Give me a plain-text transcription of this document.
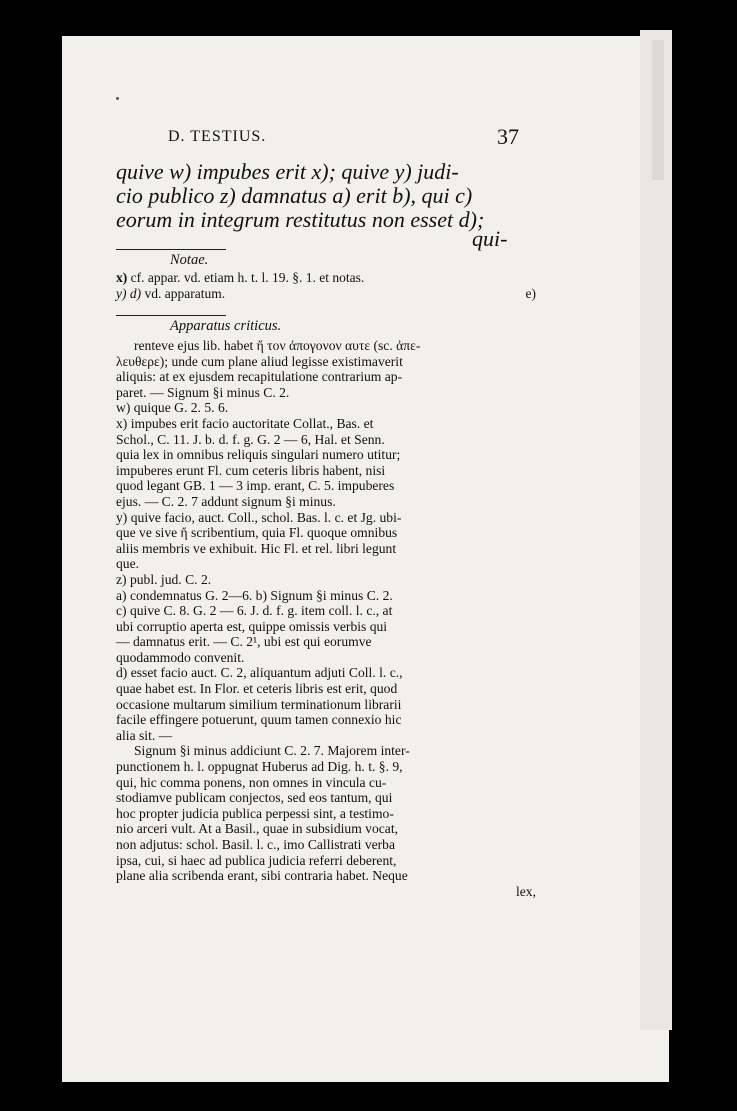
D. TESTIUS.	37
quive w) impubes erit x); quive y) judi-
cio publico z) damnatus a) erit b), qui c)
eorum in integrum restitutus non esset d);
qui-
Notae.
x) cf. appar. vd. etiam h. t. l. 19. §. 1. et notas.
y) d) vd. apparatum.	e)
Apparatus criticus.

renteve ejus lib. habet ἤ τον ἀπογονον αυτε (sc. ἀπε-

λευθερε); unde cum plane aliud legisse existimaverit

aliquis: at ex ejusdem recapitulatione contrarium ap-

paret. — Signum §i minus C. 2.

w) quique G. 2. 5. 6.

x) impubes erit facio auctoritate Collat., Bas. et

Schol., C. 11. J. b. d. f. g. G. 2 — 6, Hal. et Senn.

quia lex in omnibus reliquis singulari numero utitur;

impuberes erunt Fl. cum ceteris libris habent, nisi

quod legant GB. 1 — 3 imp. erant, C. 5. impuberes

ejus. — C. 2. 7 addunt signum §i minus.

y) quive facio, auct. Coll., schol. Bas. l. c. et Jg. ubi-

que ve sive ἤ scribentium, quia Fl. quoque omnibus

aliis membris ve exhibuit. Hic Fl. et rel. libri legunt

que.

z) publ. jud. C. 2.

a) condemnatus G. 2—6. b) Signum §i minus C. 2.

c) quive C. 8. G. 2 — 6. J. d. f. g. item coll. l. c., at

ubi corruptio aperta est, quippe omissis verbis qui

— damnatus erit. — C. 2¹, ubi est qui eorumve

quodammodo convenit.

d) esset facio auct. C. 2, aliquantum adjuti Coll. l. c.,

quae habet est. In Flor. et ceteris libris est erit, quod

occasione multarum similium terminationum librarii

facile effingere potuerunt, quum tamen connexio hic

alia sit. —

Signum §i minus addiciunt C. 2. 7. Majorem inter-

punctionem h. l. oppugnat Huberus ad Dig. h. t. §. 9,

qui, hic comma ponens, non omnes in vincula cu-

stodiamve publicam conjectos, sed eos tantum, qui

hoc propter judicia publica perpessi sint, a testimo-

nio arceri vult. At a Basil., quae in subsidium vocat,

non adjutus: schol. Basil. l. c., imo Callistrati verba

ipsa, cui, si haec ad publica judicia referri deberent,

plane alia scribenda erant, sibi contraria habet. Neque

lex,
